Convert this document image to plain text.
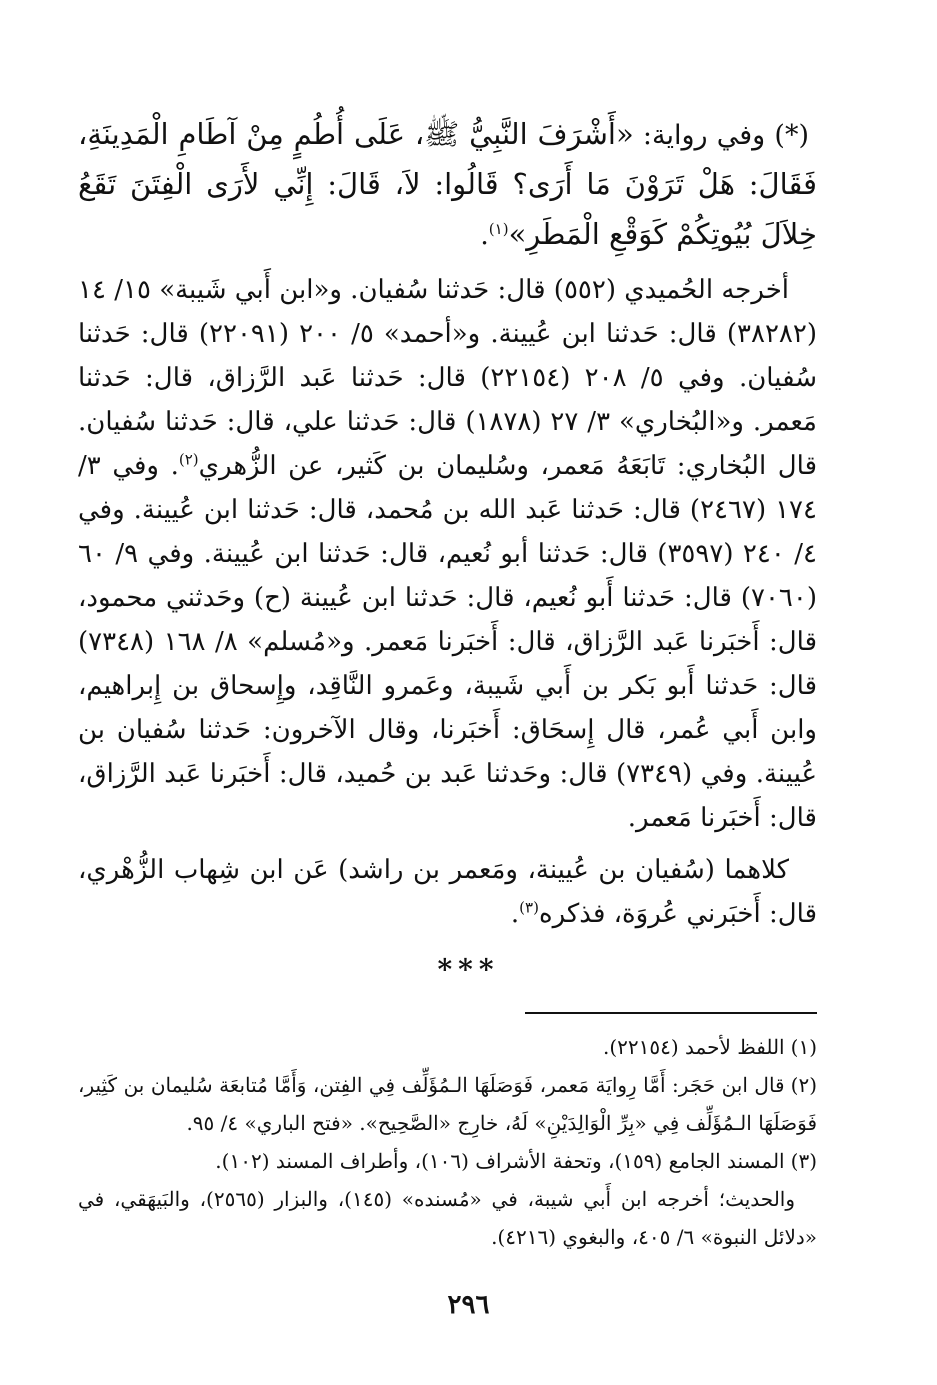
(*) وفي رواية: «أَشْرَفَ النَّبِيُّ ﷺ، عَلَى أُطُمٍ مِنْ آطَامِ الْمَدِينَةِ، فَقَالَ: هَلْ تَرَوْنَ مَا أَرَى؟ قَالُوا: لاَ، قَالَ: إِنِّي لأَرَى الْفِتَنَ تَقَعُ خِلاَلَ بُيُوتِكُمْ كَوَقْعِ الْمَطَرِ»$^{(١)}$.

أخرجه الحُميدي (٥٥٢) قال: حَدثنا سُفيان. و«ابن أَبي شَيبة» ١٥/ ١٤ (٣٨٢٨٢) قال: حَدثنا ابن عُيينة. و«أحمد» ٥/ ٢٠٠ (٢٢٠٩١) قال: حَدثنا سُفيان. وفي ٥/ ٢٠٨ (٢٢١٥٤) قال: حَدثنا عَبد الرَّزاق، قال: حَدثنا مَعمر. و«البُخاري» ٣/ ٢٧ (١٨٧٨) قال: حَدثنا علي، قال: حَدثنا سُفيان. قال البُخاري: تَابَعَهُ مَعمر، وسُليمان بن كَثير، عن الزُّهري$^{(٢)}$. وفي ٣/ ١٧٤ (٢٤٦٧) قال: حَدثنا عَبد الله بن مُحمد، قال: حَدثنا ابن عُيينة. وفي ٤/ ٢٤٠ (٣٥٩٧) قال: حَدثنا أبو نُعيم، قال: حَدثنا ابن عُيينة. وفي ٩/ ٦٠ (٧٠٦٠) قال: حَدثنا أَبو نُعيم، قال: حَدثنا ابن عُيينة (ح) وحَدثني محمود، قال: أَخبَرنا عَبد الرَّزاق، قال: أَخبَرنا مَعمر. و«مُسلم» ٨/ ١٦٨ (٧٣٤٨) قال: حَدثنا أَبو بَكر بن أَبي شَيبة، وعَمرو النَّاقِد، وإِسحاق بن إِبراهيم، وابن أَبي عُمر، قال إِسحَاق: أَخبَرنا، وقال الآخرون: حَدثنا سُفيان بن عُيينة. وفي (٧٣٤٩) قال: وحَدثنا عَبد بن حُميد، قال: أَخبَرنا عَبد الرَّزاق، قال: أَخبَرنا مَعمر.

كلاهما (سُفيان بن عُيينة، ومَعمر بن راشد) عَن ابن شِهاب الزُّهْري، قال: أَخبَرني عُروَة، فذكره$^{(٣)}$.

***

(١)اللفظ لأحمد (٢٢١٥٤).

(٢)قال ابن حَجَر: أَمَّا رِوايَة مَعمر، فَوَصَلَهَا الـمُؤَلِّف فِي الفِتن، وَأَمَّا مُتابعَة سُليمان بن كَثِير، فَوَصَلَهَا الـمُؤَلِّف فِي «بِرِّ الْوَالِدَيْنِ» لَهُ، خارِج «الصَّحِيح». «فتح الباري» ٤/ ٩٥.

(٣)المسند الجامع (١٥٩)، وتحفة الأشراف (١٠٦)، وأطراف المسند (١٠٢).

والحديث؛ أخرجه ابن أَبي شيبة، في «مُسنده» (١٤٥)، والبزار (٢٥٦٥)، والبَيهَقي، في «دلائل النبوة» ٦/ ٤٠٥، والبغوي (٤٢١٦).

٢٩٦
